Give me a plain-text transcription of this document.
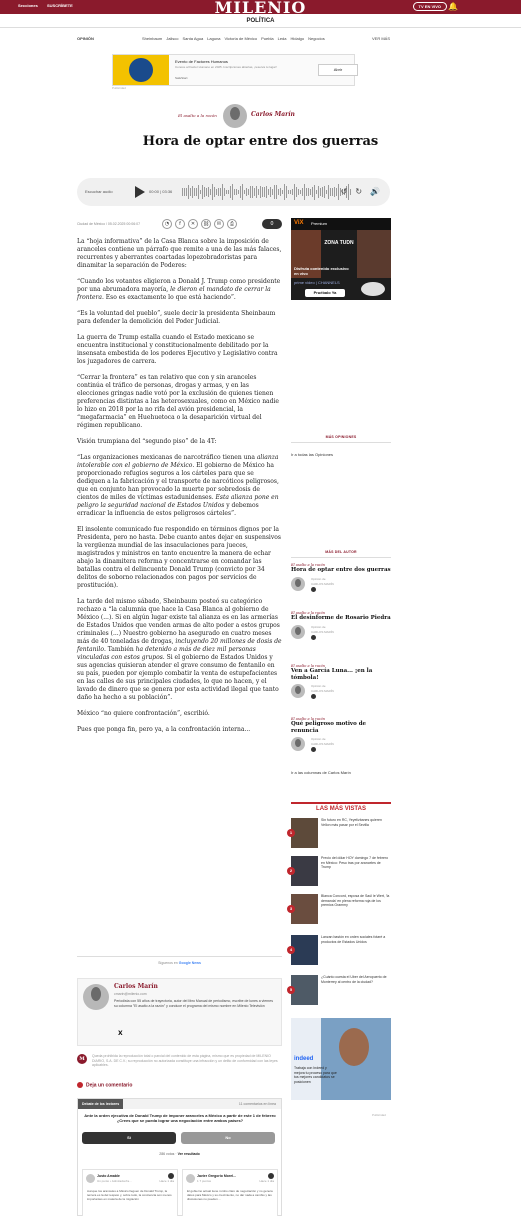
Secciones SUSCRÍBETE	MILENIO	TV EN VIVO 🔔
POLÍTICA
OPINIÓN	Sheinbaum Jalisco Santa Agua Laguna Victoria de México Puebla Leda Hidalgo Negocios	VER MÁS
Evento de Factores Humanos
Conoce al Factor Humano en 2025. Inscripciones abiertas, ¡reserva tu lugar!
SafeStart
Abrir
Publicidad
El asalto a la razón	Carlos Marín
Hora de optar entre dos guerras
Escuchar audio	00:00 | 03:36	↺ ↻ 🔊
Ciudad de México / 05.02.2025 00:06:07	◔	f	✕	⛓	✉	⎙	0

La “hoja informativa” de la Casa Blanca sobre la imposición de aranceles contiene un párrafo que remite a una de las más falaces, recurrentes y aberrantes coartadas lopezobradoristas para dinamitar la separación de Poderes:

“Cuando los votantes eligieron a Donald J. Trump como presidente por una abrumadora mayoría, le dieron el mandato de cerrar la frontera. Eso es exactamente lo que está haciendo”.

“Es la voluntad del pueblo”, suele decir la presidenta Sheinbaum para defender la demolición del Poder Judicial.

La guerra de Trump estalla cuando el Estado mexicano se encuentra institucional y constitucionalmente debilitado por la insensata embestida de los poderes Ejecutivo y Legislativo contra los juzgadores de carrera.

“Cerrar la frontera” es tan relativo que con y sin aranceles continúa el tráfico de personas, drogas y armas, y en las elecciones gringas nadie votó por la exclusión de quienes tienen preferencias distintas a las heterosexuales, como en México nadie lo hizo en 2018 por la no rifa del avión presidencial, la “megafarmacia” en Huehuetoca o la desaparición virtual del régimen republicano.

Visión trumpiana del “segundo piso” de la 4T:

“Las organizaciones mexicanas de narcotráfico tienen una alianza intolerable con el gobierno de México. El gobierno de México ha proporcionado refugios seguros a los cárteles para que se dediquen a la fabricación y el transporte de narcóticos peligrosos, que en conjunto han provocado la muerte por sobredosis de cientos de miles de víctimas estadunidenses. Esta alianza pone en peligro la seguridad nacional de Estados Unidos y debemos erradicar la influencia de estos peligrosos cárteles”.

El insolente comunicado fue respondido en términos dignos por la Presidenta, pero no hasta. Debe cuanto antes dejar en suspensivos la vergüenza mundial de las insaculaciones para jueces, magistrados y ministros en tanto encuentre la manera de echar abajo la dinamitera reforma y concentrarse en comandar las batallas contra el delincuente Donald Trump (convicto por 34 delitos de soborno relacionados con pagos por servicios de prostitución).

La tarde del mismo sábado, Sheinbaum posteó su categórico rechazo a “la calumnia que hace la Casa Blanca al gobierno de México (...). Si en algún lugar existe tal alianza es en las armerías de Estados Unidos que venden armas de alto poder a estos grupos criminales (...) Nuestro gobierno ha asegurado en cuatro meses más de 40 toneladas de drogas, incluyendo 20 millones de dosis de fentanilo. También ha detenido a más de diez mil personas vinculadas con estos grupos. Si el gobierno de Estados Unidos y sus agencias quisieran atender el grave consumo de fentanilo en su país, pueden por ejemplo combatir la venta de estupefacientes en las calles de sus principales ciudades, lo que no hacen, y el lavado de dinero que se genera por esta actividad ilegal que tanto daño ha hecho a su población”.

México “no quiere confrontación”, escribió.

Pues que ponga fin, pero ya, a la confrontación interna...

Síguenos en Google News
Carlos Marín
cmarin@milenio.com
Periodista con 55 años de trayectoria, autor del libro Manual de periodismo, escribe de lunes a viernes su columna "El asalto a la razón" y conduce el programa del mismo nombre en Milenio Televisión
X
M	Queda prohibida la reproducción total o parcial del contenido de esta página, mismo que es propiedad de MILENIO DIARIO, S.A. DE C.V.; su reproducción no autorizada constituye una infracción y un delito de conformidad con las leyes aplicables.
Deja un comentario
Debate de los lectores	11 comentarios en línea
Ante la orden ejecutiva de Donald Trump de imponer aranceles a México a partir de este 1 de febrero ¿Crees que se pueda lograr una negociación entre ambos países?
Sí	No
286 votos · Ver resultado
Justo Amable
Un punto • Admirador/ra...	Hace 1 día
Aunque los aranceles a México lleguen de Donald Trump, la tercera es la del respeto y, sobre todo, la conciencia son menos importantes en materia de la migración
Javier Gregorio Morel...
1 7 puntos	Hace 1 día
El gobierno actual tiene rumbo claro de negociación y no genera datos para México y su crecimiento, no dar nada a cambio y las discusiones no pueden ...
ViX Premium
ZONA TUDN
Disfruta contenido exclusivo en vivo
prime video | CHANNELS
Pruébalo Ya
MÁS OPINIONES
Ir a todas las Opiniones
MÁS DEL AUTOR
El asalto a la razón
Hora de optar entre dos guerras
Opinión de
CARLOS MARÍN
El asalto a la razón
El desinforme de Rosario Piedra
Opinión de
CARLOS MARÍN
El asalto a la razón
Ven a García Luna... ¡en la tómbola!
Opinión de
CARLOS MARÍN
El asalto a la razón
Qué peligroso motivo de renuncia
Opinión de
CARLOS MARÍN
Ir a las columnas de Carlos Marín
LAS MÁS VISTAS
1
Sin futuro en RC, Yeyelizbanes quieren Vellon más pasar por el Sevilla
2
Precio del dólar HOY domingo 7 de febrero en México: Peso tras por aranceles de Trump
3
Blanca Concord, esposa de Saúl le Wert, 'la demanda' en plena reforma roja de los premios Grammy
4
Lanzan bastón en orden sociales fotaré a productos de Estados Unidos
5
¿Cuánto cuesta el Uber del Aeropuerto de Monterrey al centro de la ciudad?
indeed
Trabaja con Indeed y mejora tu proceso para que tus mejores candidatos se posicionen
Publicidad
